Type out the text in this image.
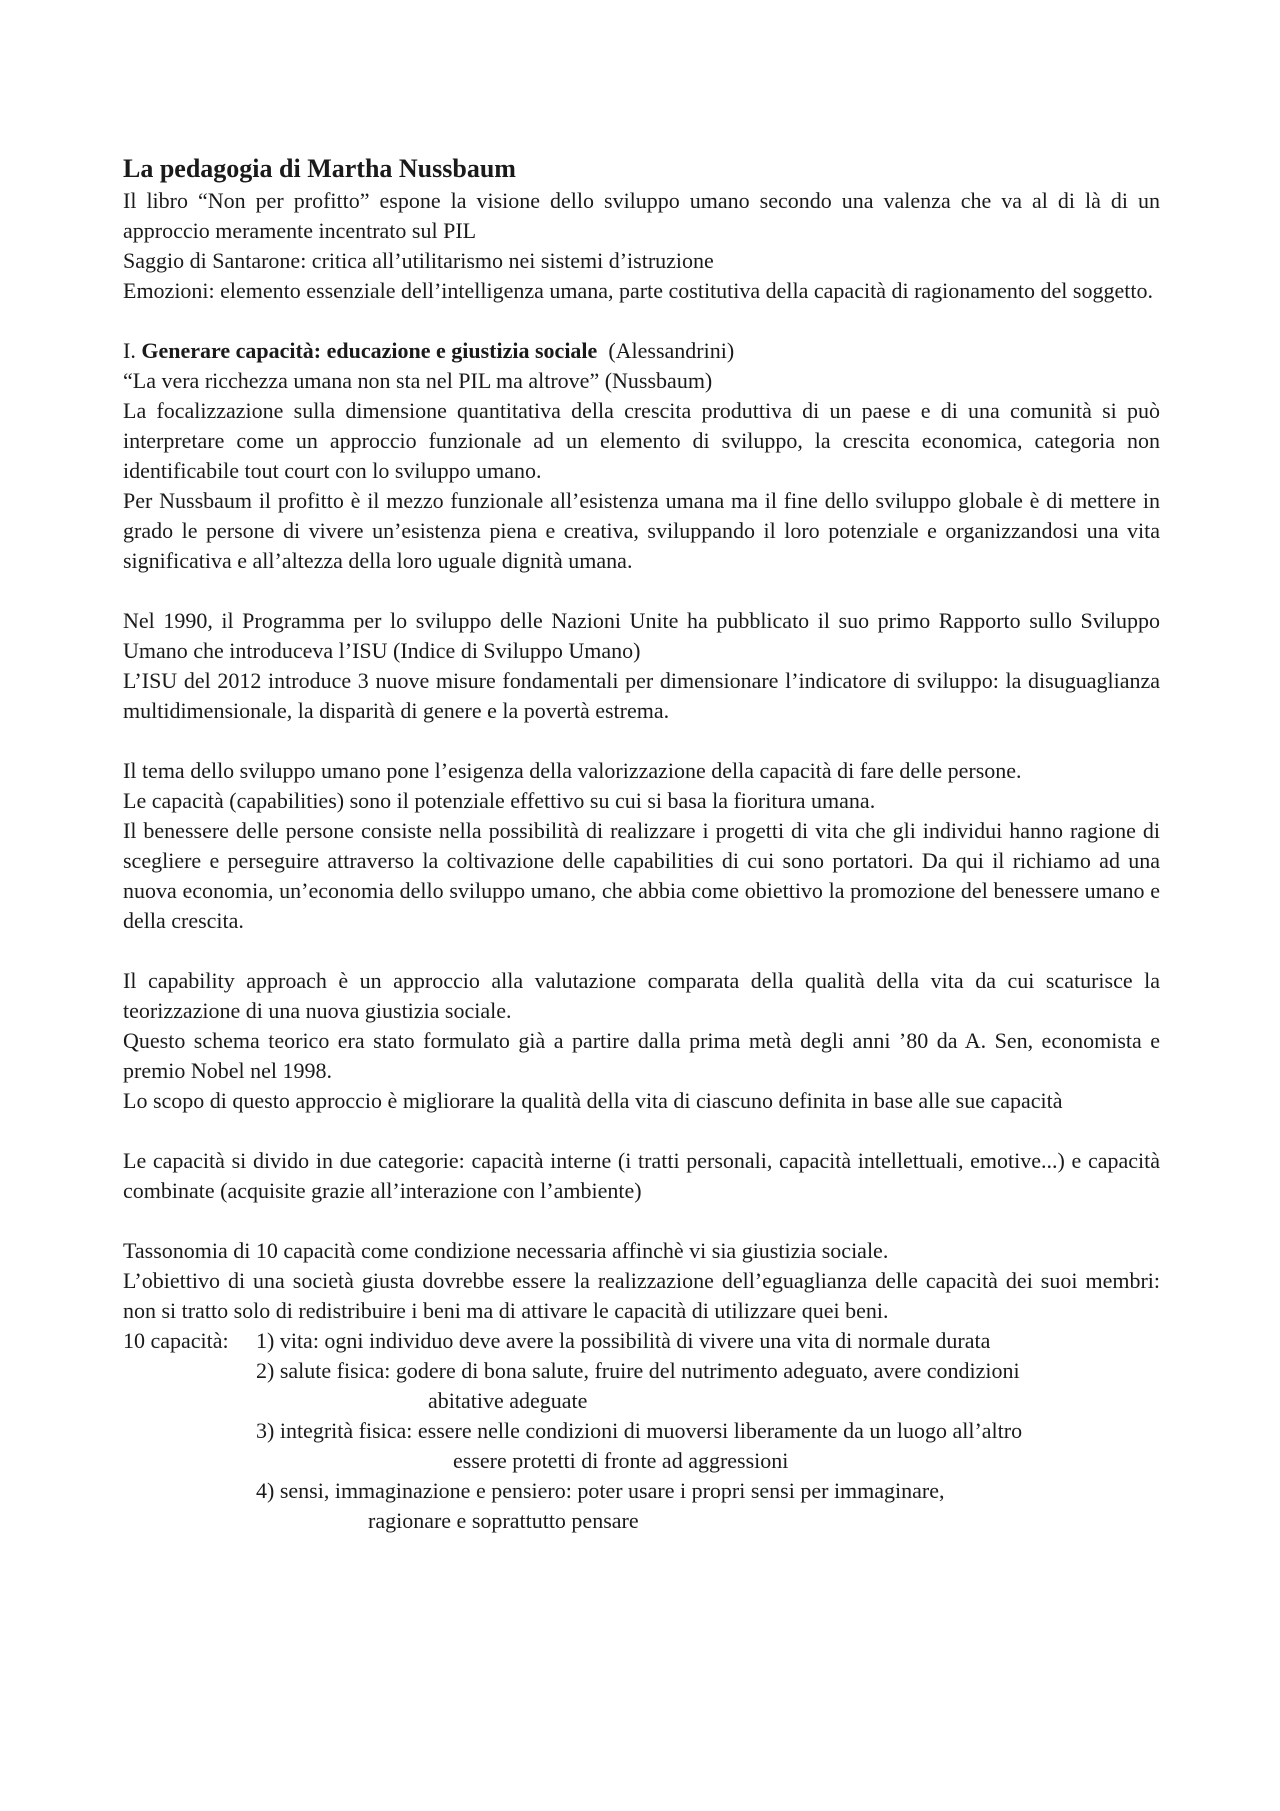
La pedagogia di Martha Nussbaum

Il libro “Non per profitto” espone la visione dello sviluppo umano secondo una valenza che va al di là di un approccio meramente incentrato sul PIL

Saggio di Santarone: critica all’utilitarismo nei sistemi d’istruzione

Emozioni: elemento essenziale dell’intelligenza umana, parte costitutiva della capacità di ragionamento del soggetto.

I. Generare capacità: educazione e giustizia sociale (Alessandrini)

“La vera ricchezza umana non sta nel PIL ma altrove” (Nussbaum)

La focalizzazione sulla dimensione quantitativa della crescita produttiva di un paese e di una comunità si può interpretare come un approccio funzionale ad un elemento di sviluppo, la crescita economica, categoria non identificabile tout court con lo sviluppo umano.

Per Nussbaum il profitto è il mezzo funzionale all’esistenza umana ma il fine dello sviluppo globale è di mettere in grado le persone di vivere un’esistenza piena e creativa, sviluppando il loro potenziale e organizzandosi una vita significativa e all’altezza della loro uguale dignità umana.

Nel 1990, il Programma per lo sviluppo delle Nazioni Unite ha pubblicato il suo primo Rapporto sullo Sviluppo Umano che introduceva l’ISU (Indice di Sviluppo Umano)

L’ISU del 2012 introduce 3 nuove misure fondamentali per dimensionare l’indicatore di sviluppo: la disuguaglianza multidimensionale, la disparità di genere e la povertà estrema.

Il tema dello sviluppo umano pone l’esigenza della valorizzazione della capacità di fare delle persone.

Le capacità (capabilities) sono il potenziale effettivo su cui si basa la fioritura umana.

Il benessere delle persone consiste nella possibilità di realizzare i progetti di vita che gli individui hanno ragione di scegliere e perseguire attraverso la coltivazione delle capabilities di cui sono portatori. Da qui il richiamo ad una nuova economia, un’economia dello sviluppo umano, che abbia come obiettivo la promozione del benessere umano e della crescita.

Il capability approach è un approccio alla valutazione comparata della qualità della vita da cui scaturisce la teorizzazione di una nuova giustizia sociale.

Questo schema teorico era stato formulato già a partire dalla prima metà degli anni ’80 da A. Sen, economista e premio Nobel nel 1998.

Lo scopo di questo approccio è migliorare la qualità della vita di ciascuno definita in base alle sue capacità

Le capacità si divido in due categorie: capacità interne (i tratti personali, capacità intellettuali, emotive...) e capacità combinate (acquisite grazie all’interazione con l’ambiente)

Tassonomia di 10 capacità come condizione necessaria affinchè vi sia giustizia sociale.

L’obiettivo di una società giusta dovrebbe essere la realizzazione dell’eguaglianza delle capacità dei suoi membri: non si tratto solo di redistribuire i beni ma di attivare le capacità di utilizzare quei beni.

10 capacità: 1) vita: ogni individuo deve avere la possibilità di vivere una vita di normale durata
2) salute fisica: godere di bona salute, fruire del nutrimento adeguato, avere condizioni
abitative adeguate
3) integrità fisica: essere nelle condizioni di muoversi liberamente da un luogo all’altro
essere protetti di fronte ad aggressioni
4) sensi, immaginazione e pensiero: poter usare i propri sensi per immaginare,
ragionare e soprattutto pensare
